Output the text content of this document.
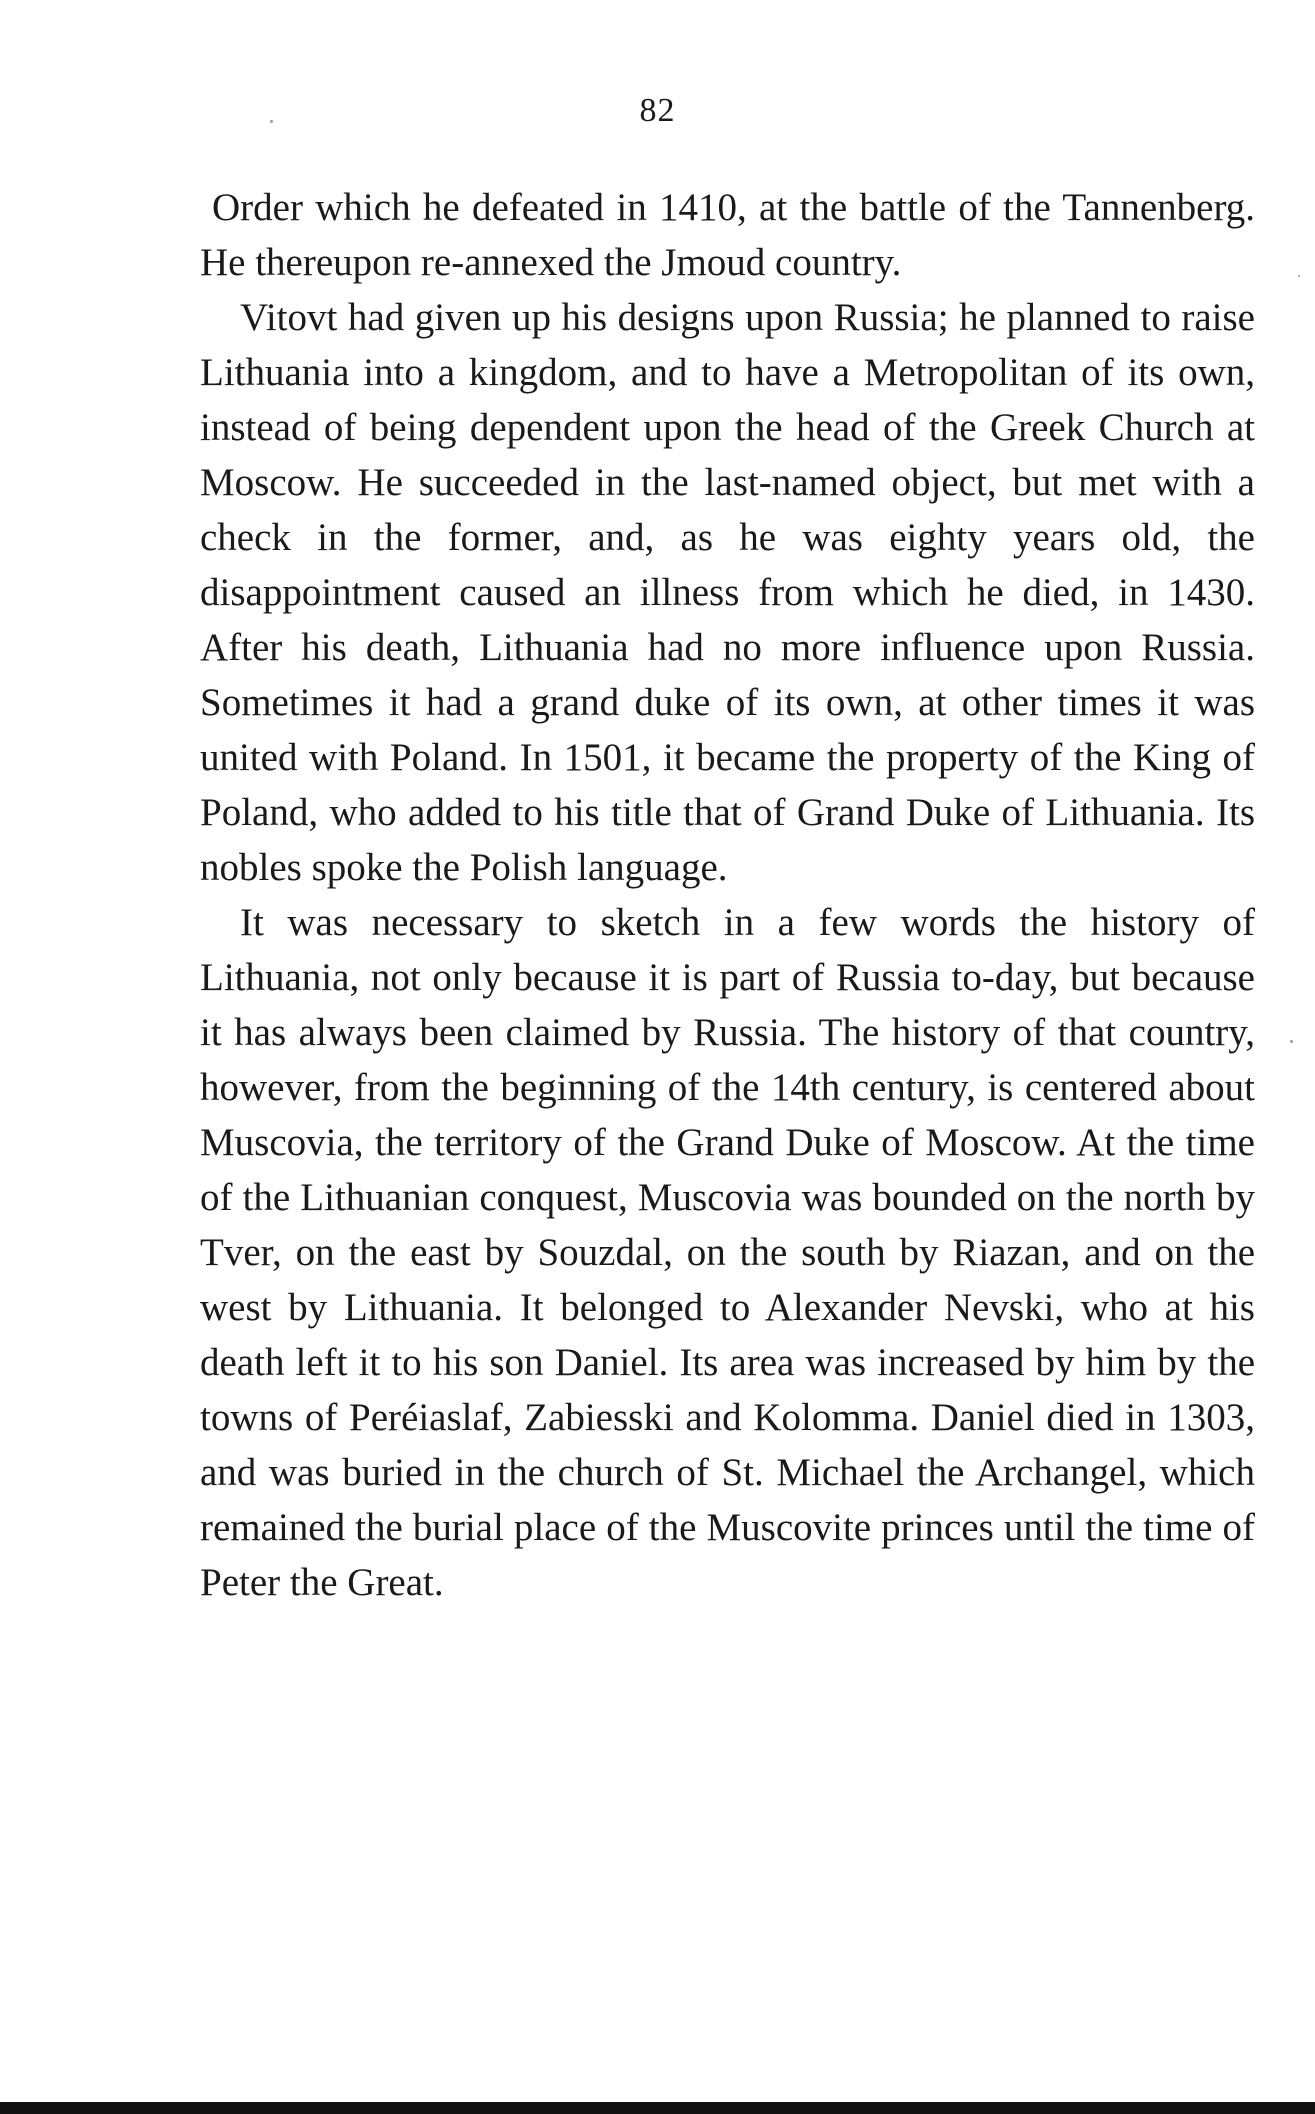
82

Order which he defeated in 1410, at the battle of the Tannenberg. He thereupon re-annexed the Jmoud country.

Vitovt had given up his designs upon Russia; he planned to raise Lithuania into a kingdom, and to have a Metropolitan of its own, instead of being dependent upon the head of the Greek Church at Moscow. He succeeded in the last-named object, but met with a check in the former, and, as he was eighty years old, the disappointment caused an illness from which he died, in 1430. After his death, Lithuania had no more influence upon Russia. Sometimes it had a grand duke of its own, at other times it was united with Poland. In 1501, it became the property of the King of Poland, who added to his title that of Grand Duke of Lithuania. Its nobles spoke the Polish language.

It was necessary to sketch in a few words the history of Lithuania, not only because it is part of Russia to-day, but because it has always been claimed by Russia. The history of that country, however, from the beginning of the 14th century, is centered about Muscovia, the territory of the Grand Duke of Moscow. At the time of the Lithuanian conquest, Muscovia was bounded on the north by Tver, on the east by Souzdal, on the south by Riazan, and on the west by Lithuania. It belonged to Alexander Nevski, who at his death left it to his son Daniel. Its area was increased by him by the towns of Peréiaslaf, Zabiesski and Kolomma. Daniel died in 1303, and was buried in the church of St. Michael the Archangel, which remained the burial place of the Muscovite princes until the time of Peter the Great.
